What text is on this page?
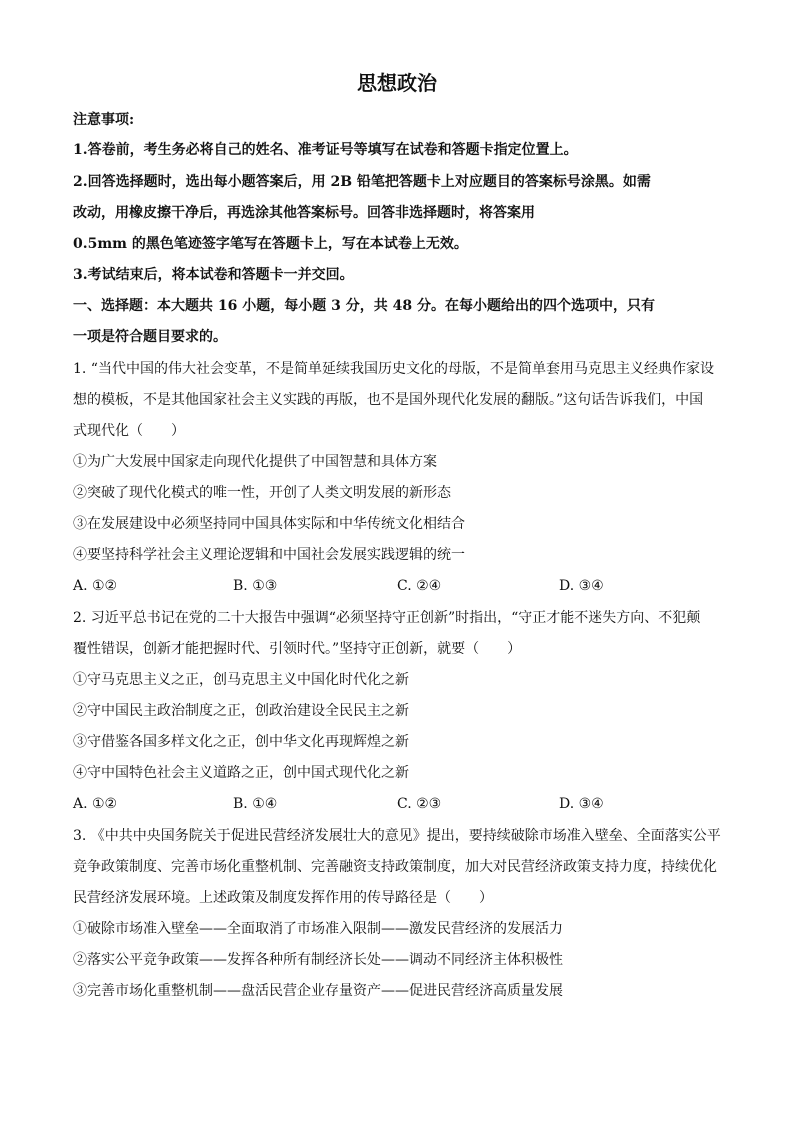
思想政治
注意事项:
1.答卷前，考生务必将自己的姓名、准考证号等填写在试卷和答题卡指定位置上。
2.回答选择题时，选出每小题答案后，用 2B 铅笔把答题卡上对应题目的答案标号涂黑。如需
改动，用橡皮擦干净后，再选涂其他答案标号。回答非选择题时，将答案用
0.5mm 的黑色笔迹签字笔写在答题卡上，写在本试卷上无效。
3.考试结束后，将本试卷和答题卡一并交回。
一、选择题：本大题共 16 小题，每小题 3 分，共 48 分。在每小题给出的四个选项中，只有
一项是符合题目要求的。
1. “当代中国的伟大社会变革，不是简单延续我国历史文化的母版，不是简单套用马克思主义经典作家设
想的模板，不是其他国家社会主义实践的再版，也不是国外现代化发展的翻版。”这句话告诉我们，中国
式现代化（　　）
①为广大发展中国家走向现代化提供了中国智慧和具体方案
②突破了现代化模式的唯一性，开创了人类文明发展的新形态
③在发展建设中必须坚持同中国具体实际和中华传统文化相结合
④要坚持科学社会主义理论逻辑和中国社会发展实践逻辑的统一
A. ①②	B. ①③	C. ②④	D. ③④
2. 习近平总书记在党的二十大报告中强调“必须坚持守正创新”时指出，“守正才能不迷失方向、不犯颠
覆性错误，创新才能把握时代、引领时代。”坚持守正创新，就要（　　）
①守马克思主义之正，创马克思主义中国化时代化之新
②守中国民主政治制度之正，创政治建设全民民主之新
③守借鉴各国多样文化之正，创中华文化再现辉煌之新
④守中国特色社会主义道路之正，创中国式现代化之新
A. ①②	B. ①④	C. ②③	D. ③④
3. 《中共中央国务院关于促进民营经济发展壮大的意见》提出，要持续破除市场准入壁垒、全面落实公平
竞争政策制度、完善市场化重整机制、完善融资支持政策制度，加大对民营经济政策支持力度，持续优化
民营经济发展环境。上述政策及制度发挥作用的传导路径是（　　）
①破除市场准入壁垒——全面取消了市场准入限制——激发民营经济的发展活力
②落实公平竞争政策——发挥各种所有制经济长处——调动不同经济主体积极性
③完善市场化重整机制——盘活民营企业存量资产——促进民营经济高质量发展
